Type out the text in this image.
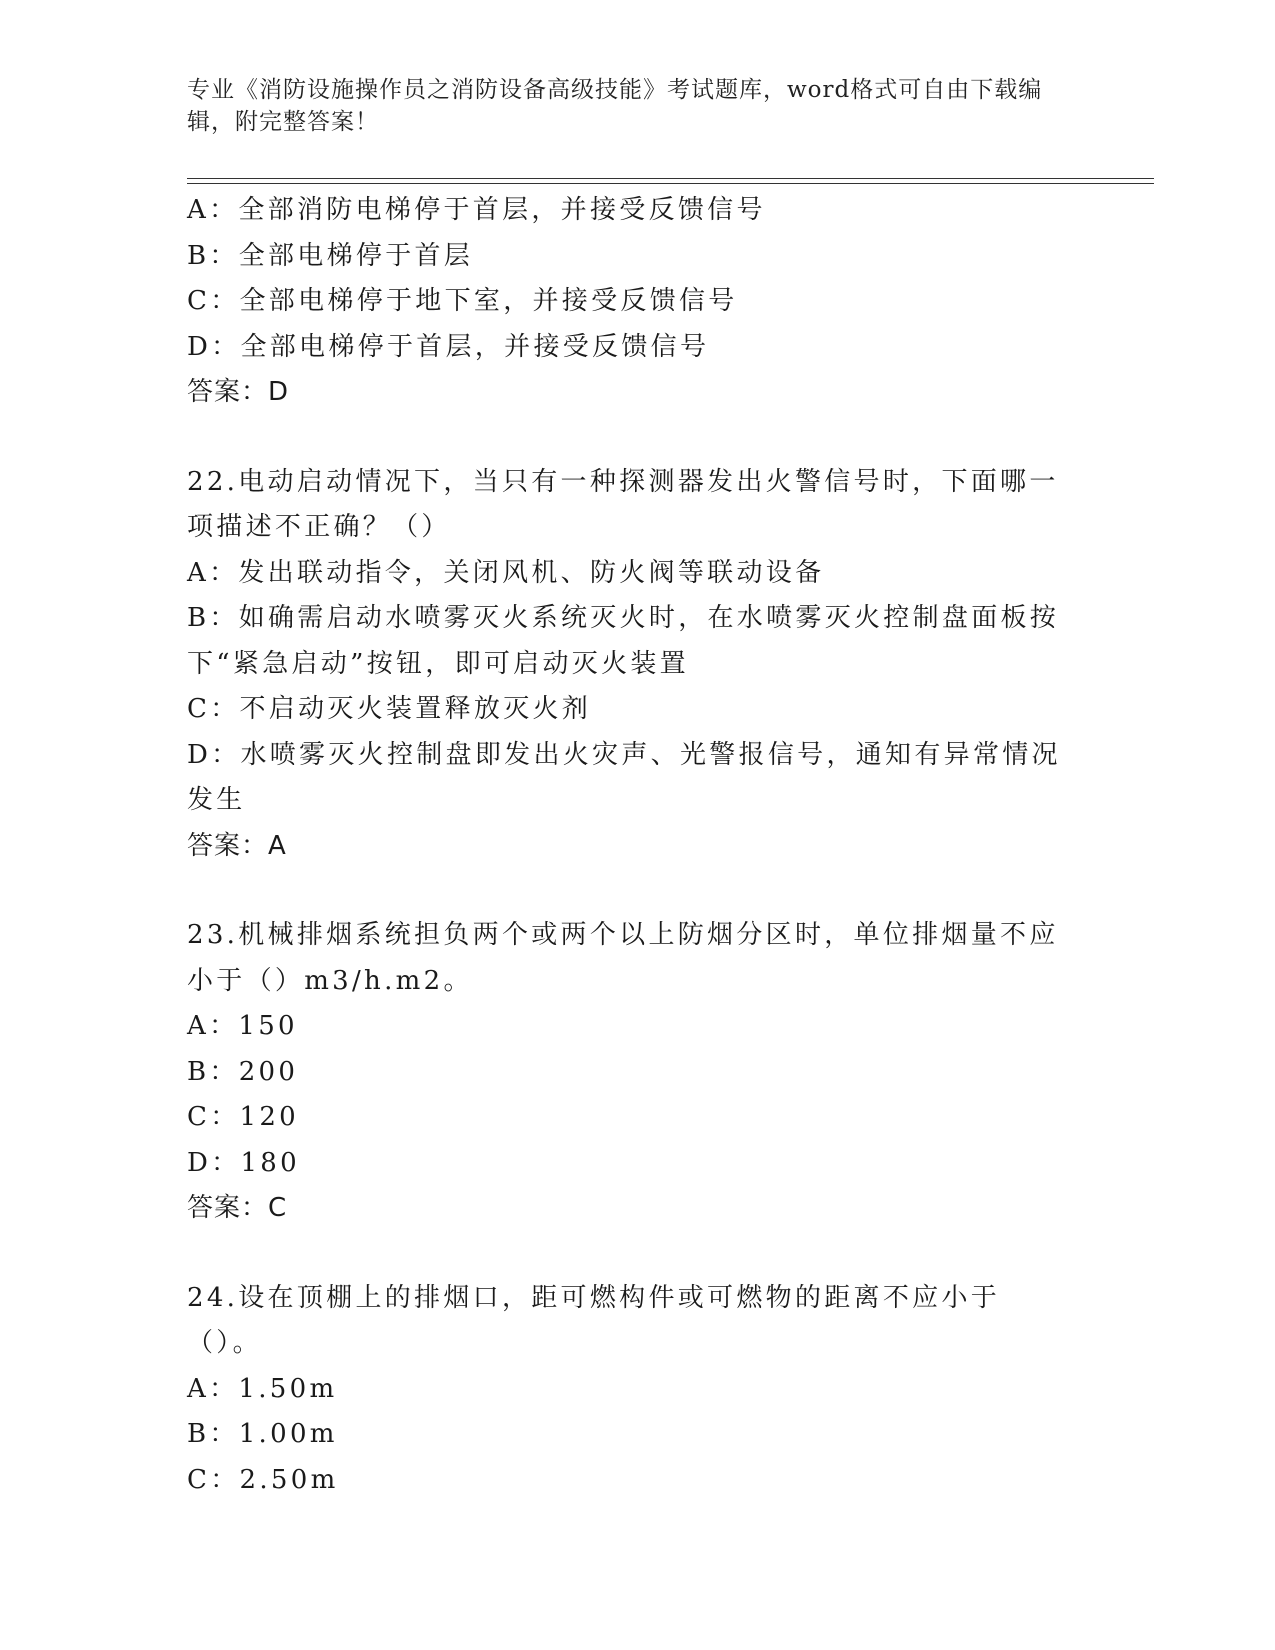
专业《消防设施操作员之消防设备高级技能》考试题库，word格式可自由下载编辑，附完整答案！
A：全部消防电梯停于首层，并接受反馈信号
B：全部电梯停于首层
C：全部电梯停于地下室，并接受反馈信号
D：全部电梯停于首层，并接受反馈信号
答案：D
22.电动启动情况下，当只有一种探测器发出火警信号时，下面哪一项描述不正确？（）
A：发出联动指令，关闭风机、防火阀等联动设备
B：如确需启动水喷雾灭火系统灭火时，在水喷雾灭火控制盘面板按下“紧急启动”按钮，即可启动灭火装置
C：不启动灭火装置释放灭火剂
D：水喷雾灭火控制盘即发出火灾声、光警报信号，通知有异常情况发生
答案：A
23.机械排烟系统担负两个或两个以上防烟分区时，单位排烟量不应小于（）m3/h.m2。
A：150
B：200
C：120
D：180
答案：C
24.设在顶棚上的排烟口，距可燃构件或可燃物的距离不应小于（）。
A：1.50m
B：1.00m
C：2.50m
